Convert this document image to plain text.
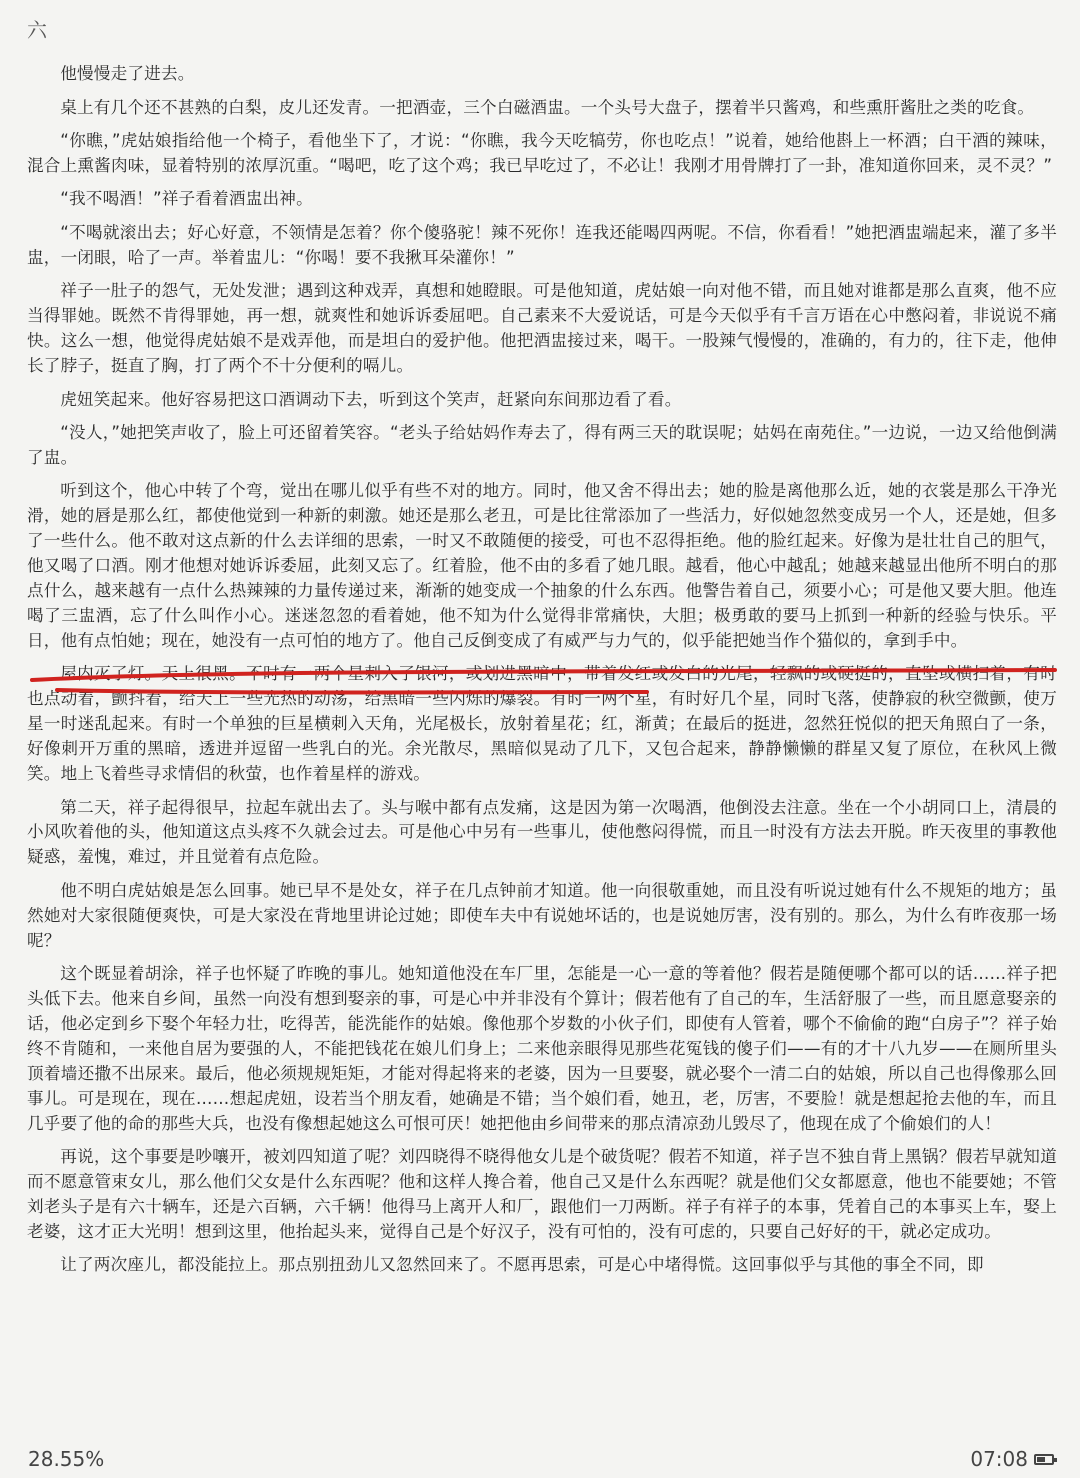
六

他慢慢走了进去。

桌上有几个还不甚熟的白梨，皮儿还发青。一把酒壶，三个白磁酒盅。一个头号大盘子，摆着半只酱鸡，和些熏肝酱肚之类的吃食。

“你瞧，”虎姑娘指给他一个椅子，看他坐下了，才说：“你瞧，我今天吃犒劳，你也吃点！”说着，她给他斟上一杯酒；白干酒的辣味，混合上熏酱肉味，显着特别的浓厚沉重。“喝吧，吃了这个鸡；我已早吃过了，不必让！我刚才用骨牌打了一卦，准知道你回来，灵不灵？”

“我不喝酒！”祥子看着酒盅出神。

“不喝就滚出去；好心好意，不领情是怎着？你个傻骆驼！辣不死你！连我还能喝四两呢。不信，你看看！”她把酒盅端起来，灌了多半盅，一闭眼，哈了一声。举着盅儿：“你喝！要不我揪耳朵灌你！”

祥子一肚子的怨气，无处发泄；遇到这种戏弄，真想和她瞪眼。可是他知道，虎姑娘一向对他不错，而且她对谁都是那么直爽，他不应当得罪她。既然不肯得罪她，再一想，就爽性和她诉诉委屈吧。自己素来不大爱说话，可是今天似乎有千言万语在心中憋闷着，非说说不痛快。这么一想，他觉得虎姑娘不是戏弄他，而是坦白的爱护他。他把酒盅接过来，喝干。一股辣气慢慢的，准确的，有力的，往下走，他伸长了脖子，挺直了胸，打了两个不十分便利的嗝儿。

虎妞笑起来。他好容易把这口酒调动下去，听到这个笑声，赶紧向东间那边看了看。

“没人，”她把笑声收了，脸上可还留着笑容。“老头子给姑妈作寿去了，得有两三天的耽误呢；姑妈在南苑住。”一边说，一边又给他倒满了盅。

听到这个，他心中转了个弯，觉出在哪儿似乎有些不对的地方。同时，他又舍不得出去；她的脸是离他那么近，她的衣裳是那么干净光滑，她的唇是那么红，都使他觉到一种新的刺激。她还是那么老丑，可是比往常添加了一些活力，好似她忽然变成另一个人，还是她，但多了一些什么。他不敢对这点新的什么去详细的思索，一时又不敢随便的接受，可也不忍得拒绝。他的脸红起来。好像为是壮壮自己的胆气，他又喝了口酒。刚才他想对她诉诉委屈，此刻又忘了。红着脸，他不由的多看了她几眼。越看，他心中越乱；她越来越显出他所不明白的那点什么，越来越有一点什么热辣辣的力量传递过来，渐渐的她变成一个抽象的什么东西。他警告着自己，须要小心；可是他又要大胆。他连喝了三盅酒，忘了什么叫作小心。迷迷忽忽的看着她，他不知为什么觉得非常痛快，大胆；极勇敢的要马上抓到一种新的经验与快乐。平日，他有点怕她；现在，她没有一点可怕的地方了。他自己反倒变成了有威严与力气的，似乎能把她当作个猫似的，拿到手中。

屋内灭了灯。天上很黑。不时有一两个星刺入了银河，或划进黑暗中，带着发红或发白的光尾，轻飘的或硬挺的，直坠或横扫着，有时也点动着，颤抖着，给天上一些光热的动荡，给黑暗一些闪烁的爆裂。有时一两个星，有时好几个星，同时飞落，使静寂的秋空微颤，使万星一时迷乱起来。有时一个单独的巨星横刺入天角，光尾极长，放射着星花；红，渐黄；在最后的挺进，忽然狂悦似的把天角照白了一条，好像刺开万重的黑暗，透进并逗留一些乳白的光。余光散尽，黑暗似晃动了几下，又包合起来，静静懒懒的群星又复了原位，在秋风上微笑。地上飞着些寻求情侣的秋萤，也作着星样的游戏。

第二天，祥子起得很早，拉起车就出去了。头与喉中都有点发痛，这是因为第一次喝酒，他倒没去注意。坐在一个小胡同口上，清晨的小风吹着他的头，他知道这点头疼不久就会过去。可是他心中另有一些事儿，使他憋闷得慌，而且一时没有方法去开脱。昨天夜里的事教他疑惑，羞愧，难过，并且觉着有点危险。

他不明白虎姑娘是怎么回事。她已早不是处女，祥子在几点钟前才知道。他一向很敬重她，而且没有听说过她有什么不规矩的地方；虽然她对大家很随便爽快，可是大家没在背地里讲论过她；即使车夫中有说她坏话的，也是说她厉害，没有别的。那么，为什么有昨夜那一场呢？

这个既显着胡涂，祥子也怀疑了昨晚的事儿。她知道他没在车厂里，怎能是一心一意的等着他？假若是随便哪个都可以的话……祥子把头低下去。他来自乡间，虽然一向没有想到娶亲的事，可是心中并非没有个算计；假若他有了自己的车，生活舒服了一些，而且愿意娶亲的话，他必定到乡下娶个年轻力壮，吃得苦，能洗能作的姑娘。像他那个岁数的小伙子们，即使有人管着，哪个不偷偷的跑“白房子”？祥子始终不肯随和，一来他自居为要强的人，不能把钱花在娘儿们身上；二来他亲眼得见那些花冤钱的傻子们——有的才十八九岁——在厕所里头顶着墙还撒不出尿来。最后，他必须规规矩矩，才能对得起将来的老婆，因为一旦要娶，就必娶个一清二白的姑娘，所以自己也得像那么回事儿。可是现在，现在……想起虎妞，设若当个朋友看，她确是不错；当个娘们看，她丑，老，厉害，不要脸！就是想起抢去他的车，而且几乎要了他的命的那些大兵，也没有像想起她这么可恨可厌！她把他由乡间带来的那点清凉劲儿毁尽了，他现在成了个偷娘们的人！

再说，这个事要是吵嚷开，被刘四知道了呢？刘四晓得不晓得他女儿是个破货呢？假若不知道，祥子岂不独自背上黑锅？假若早就知道而不愿意管束女儿，那么他们父女是什么东西呢？他和这样人搀合着，他自己又是什么东西呢？就是他们父女都愿意，他也不能要她；不管刘老头子是有六十辆车，还是六百辆，六千辆！他得马上离开人和厂，跟他们一刀两断。祥子有祥子的本事，凭着自己的本事买上车，娶上老婆，这才正大光明！想到这里，他抬起头来，觉得自己是个好汉子，没有可怕的，没有可虑的，只要自己好好的干，就必定成功。

让了两次座儿，都没能拉上。那点别扭劲儿又忽然回来了。不愿再思索，可是心中堵得慌。这回事似乎与其他的事全不同，即

28.55%	07:08
